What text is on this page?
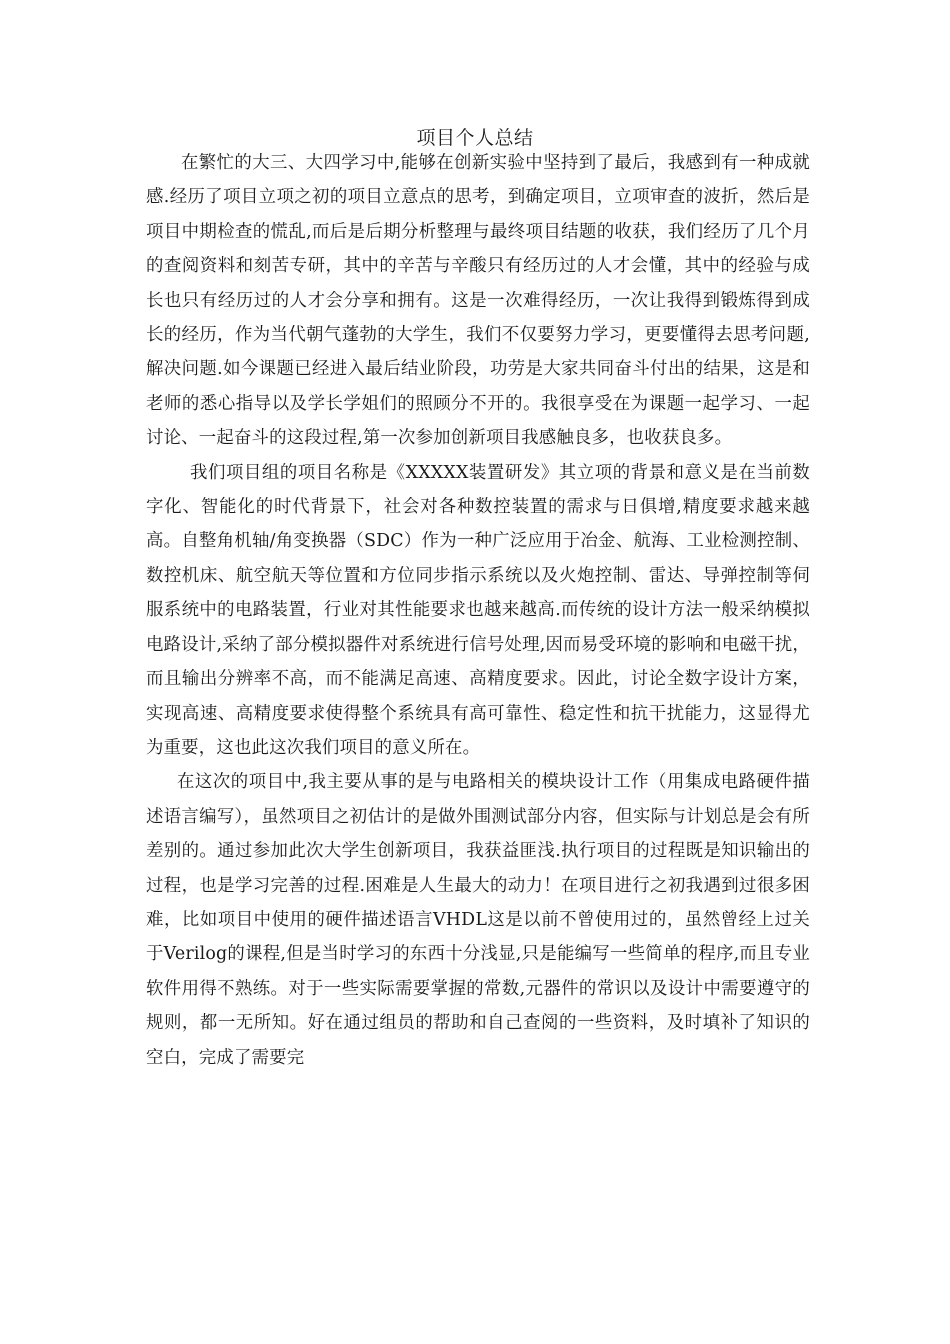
项目个人总结

在繁忙的大三、大四学习中,能够在创新实验中坚持到了最后，我感到有一种成就感.经历了项目立项之初的项目立意点的思考，到确定项目，立项审查的波折，然后是项目中期检查的慌乱,而后是后期分析整理与最终项目结题的收获，我们经历了几个月的查阅资料和刻苦专研，其中的辛苦与辛酸只有经历过的人才会懂，其中的经验与成长也只有经历过的人才会分享和拥有。这是一次难得经历，一次让我得到锻炼得到成长的经历，作为当代朝气蓬勃的大学生，我们不仅要努力学习，更要懂得去思考问题,解决问题.如今课题已经进入最后结业阶段，功劳是大家共同奋斗付出的结果，这是和老师的悉心指导以及学长学姐们的照顾分不开的。我很享受在为课题一起学习、一起讨论、一起奋斗的这段过程,第一次参加创新项目我感触良多，也收获良多。

我们项目组的项目名称是《XXXXX装置研发》其立项的背景和意义是在当前数字化、智能化的时代背景下，社会对各种数控装置的需求与日俱增,精度要求越来越高。自整角机轴/角变换器（SDC）作为一种广泛应用于冶金、航海、工业检测控制、数控机床、航空航天等位置和方位同步指示系统以及火炮控制、雷达、导弹控制等伺服系统中的电路装置，行业对其性能要求也越来越高.而传统的设计方法一般采纳模拟电路设计,采纳了部分模拟器件对系统进行信号处理,因而易受环境的影响和电磁干扰，而且输出分辨率不高，而不能满足高速、高精度要求。因此，讨论全数字设计方案，实现高速、高精度要求使得整个系统具有高可靠性、稳定性和抗干扰能力，这显得尤为重要，这也此这次我们项目的意义所在。

在这次的项目中,我主要从事的是与电路相关的模块设计工作（用集成电路硬件描述语言编写），虽然项目之初估计的是做外围测试部分内容，但实际与计划总是会有所差别的。通过参加此次大学生创新项目，我获益匪浅.执行项目的过程既是知识输出的过程，也是学习完善的过程.困难是人生最大的动力！在项目进行之初我遇到过很多困难，比如项目中使用的硬件描述语言VHDL这是以前不曾使用过的，虽然曾经上过关于Verilog的课程,但是当时学习的东西十分浅显,只是能编写一些简单的程序,而且专业软件用得不熟练。对于一些实际需要掌握的常数,元器件的常识以及设计中需要遵守的规则，都一无所知。好在通过组员的帮助和自己查阅的一些资料，及时填补了知识的空白，完成了需要完
